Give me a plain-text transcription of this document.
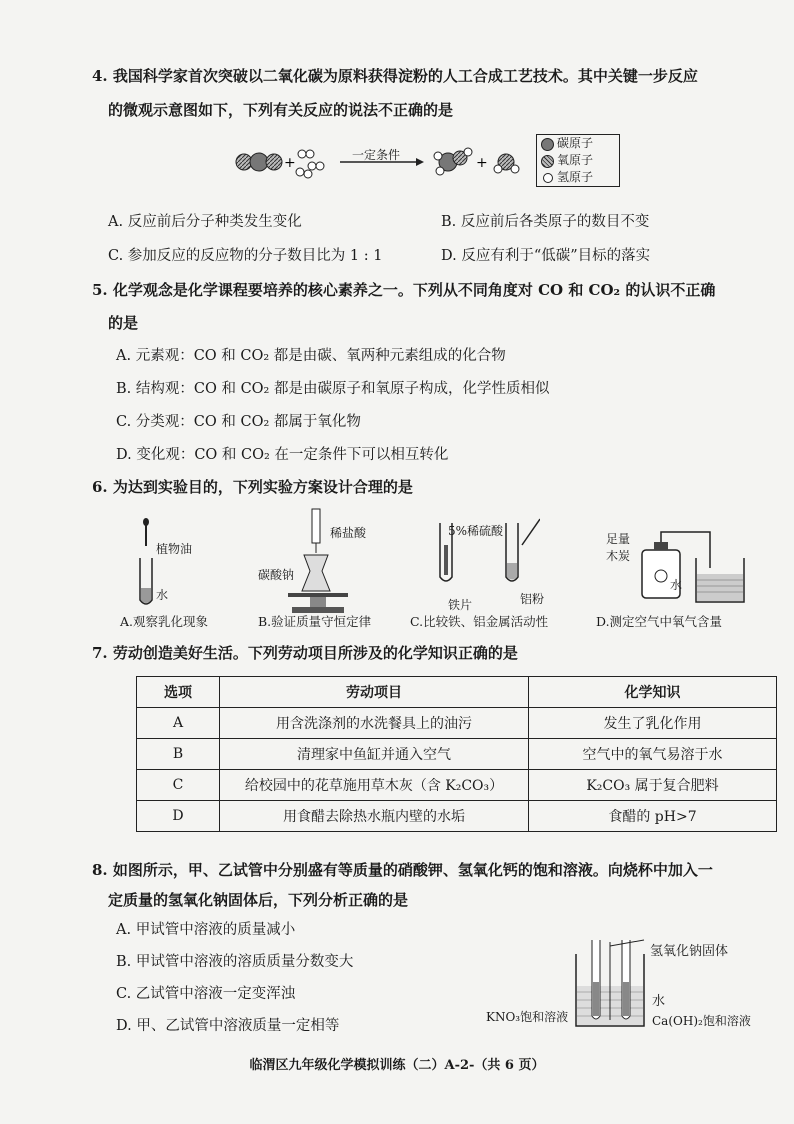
4. 我国科学家首次突破以二氧化碳为原料获得淀粉的人工合成工艺技术。其中关键一步反应
的微观示意图如下，下列有关反应的说法不正确的是
+	+
一定条件
碳原子
氧原子
氢原子
A. 反应前后分子种类发生变化	B. 反应前后各类原子的数目不变
C. 参加反应的反应物的分子数目比为 1 : 1	D. 反应有利于“低碳”目标的落实
5. 化学观念是化学课程要培养的核心素养之一。下列从不同角度对 CO 和 CO₂ 的认识不正确
的是
A. 元素观：CO 和 CO₂ 都是由碳、氧两种元素组成的化合物
B. 结构观：CO 和 CO₂ 都是由碳原子和氧原子构成，化学性质相似
C. 分类观：CO 和 CO₂ 都属于氧化物
D. 变化观：CO 和 CO₂ 在一定条件下可以相互转化
6. 为达到实验目的，下列实验方案设计合理的是
植物油
水
A.观察乳化现象
稀盐酸
碳酸钠
B.验证质量守恒定律
5%稀硫酸
铁片	铝粉
C.比较铁、铝金属活动性
足量
木炭
水
D.测定空气中氧气含量
7. 劳动创造美好生活。下列劳动项目所涉及的化学知识正确的是
选项	劳动项目	化学知识
A	用含洗涤剂的水洗餐具上的油污	发生了乳化作用
B	清理家中鱼缸并通入空气	空气中的氧气易溶于水
C	给校园中的花草施用草木灰（含 K₂CO₃）	K₂CO₃ 属于复合肥料
D	用食醋去除热水瓶内壁的水垢	食醋的 pH>7
8. 如图所示，甲、乙试管中分别盛有等质量的硝酸钾、氢氧化钙的饱和溶液。向烧杯中加入一
定质量的氢氧化钠固体后，下列分析正确的是
A. 甲试管中溶液的质量减小
B. 甲试管中溶液的溶质质量分数变大
C. 乙试管中溶液一定变浑浊
D. 甲、乙试管中溶液质量一定相等
氢氧化钠固体
水
KNO₃饱和溶液	Ca(OH)₂饱和溶液
临渭区九年级化学模拟训练（二）A-2-（共 6 页）
